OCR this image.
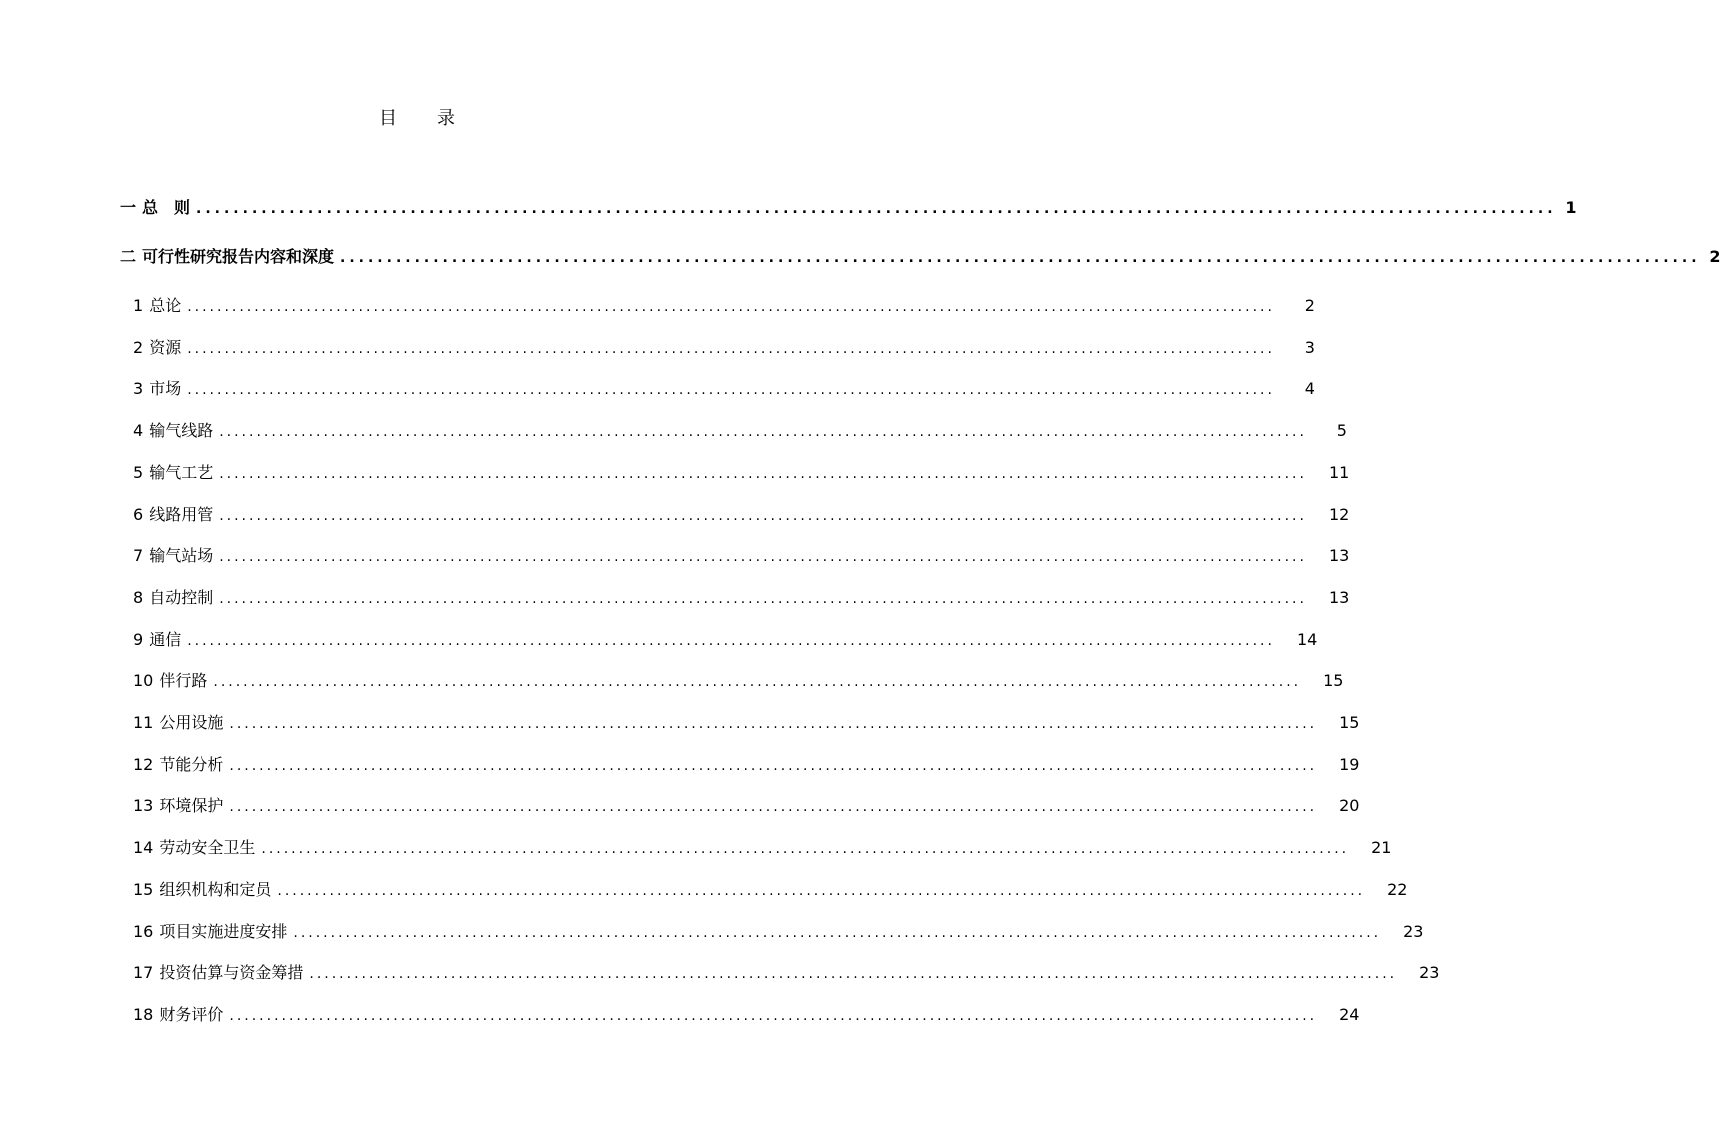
目 录
一 总　则 .................................................................................................................................................. 1
二 可行性研究报告内容和深度 .................................................................................................................................................. 2
1 总论 ..................................................................................................................................................	2
2 资源 ..................................................................................................................................................	3
3 市场 ..................................................................................................................................................	4
4 输气线路 ..................................................................................................................................................	5
5 输气工艺 .................................................................................................................................................. 11
6 线路用管 .................................................................................................................................................. 12
7 输气站场 .................................................................................................................................................. 13
8 自动控制 .................................................................................................................................................. 13
9 通信 .................................................................................................................................................. 14
10 伴行路 .................................................................................................................................................. 15
11 公用设施 .................................................................................................................................................. 15
12 节能分析 .................................................................................................................................................. 19
13 环境保护 .................................................................................................................................................. 20
14 劳动安全卫生 .................................................................................................................................................. 21
15 组织机构和定员 .................................................................................................................................................. 22
16 项目实施进度安排 .................................................................................................................................................. 23
17 投资估算与资金筹措 .................................................................................................................................................. 23
18 财务评价 .................................................................................................................................................. 24
